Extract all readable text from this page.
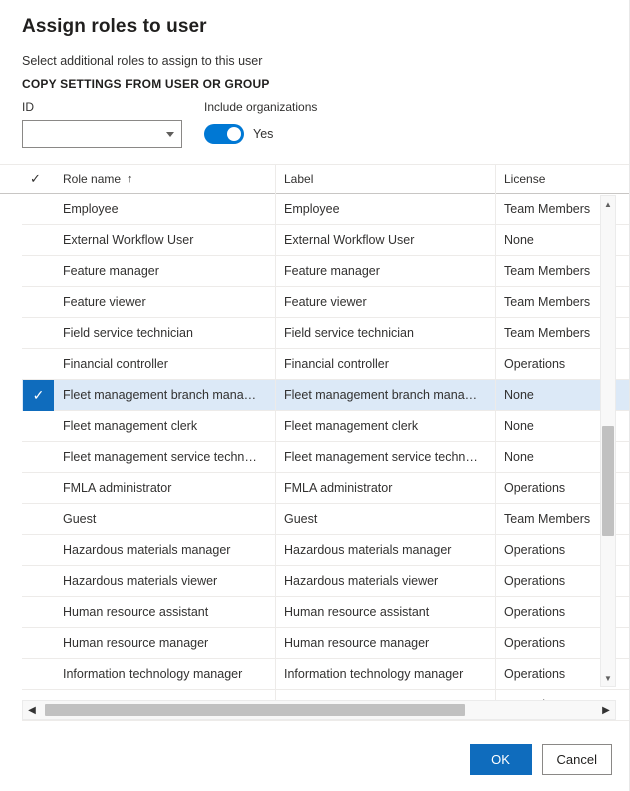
Assign roles to user
Select additional roles to assign to this user
COPY SETTINGS FROM USER OR GROUP
ID	Include organizations
Yes
✓ Role name ↑	Label	License
Employee	Employee	Team Members
External Workflow User	External Workflow User	None
Feature manager	Feature manager	Team Members
Feature viewer	Feature viewer	Team Members
Field service technician	Field service technician	Team Members
Financial controller	Financial controller	Operations
✓	Fleet management branch mana…	Fleet management branch mana…	None
Fleet management clerk	Fleet management clerk	None
Fleet management service techn…	Fleet management service techn…	None
FMLA administrator	FMLA administrator	Operations
Guest	Guest	Team Members
Hazardous materials manager	Hazardous materials manager	Operations
Hazardous materials viewer	Hazardous materials viewer	Operations
Human resource assistant	Human resource assistant	Operations
Human resource manager	Human resource manager	Operations
Information technology manager	Information technology manager	Operations
▲
▼
◀	▶
OK	Cancel
